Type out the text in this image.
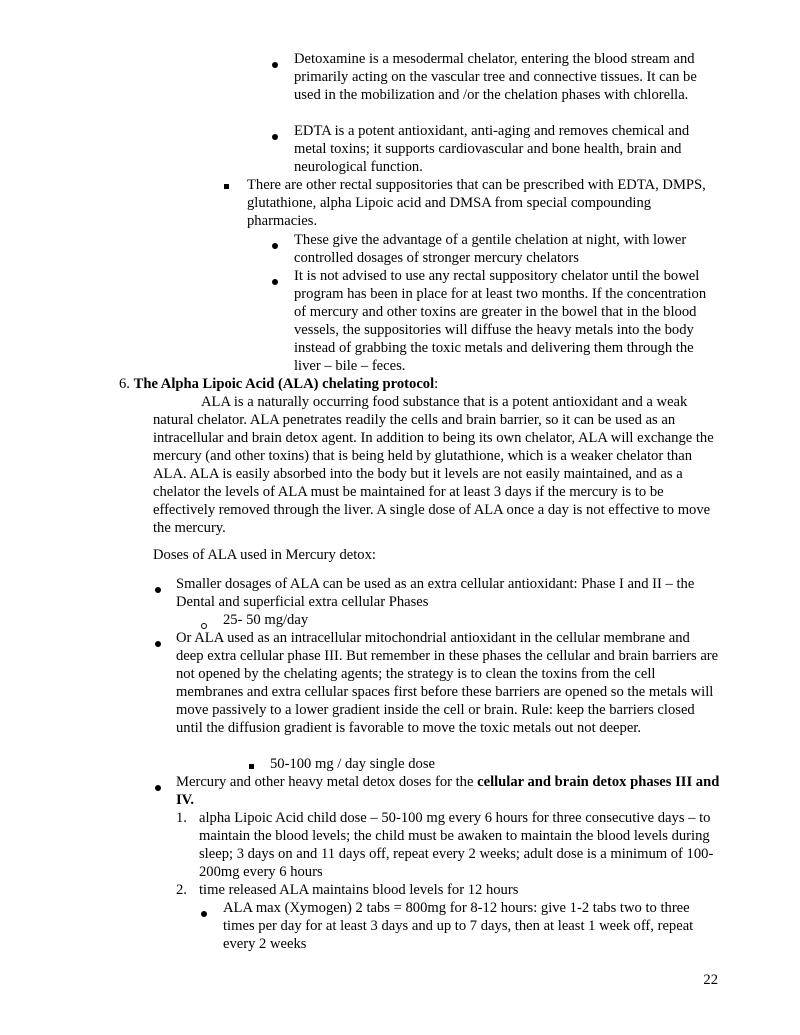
Detoxamine is a mesodermal chelator, entering the blood stream and primarily acting on the vascular tree and connective tissues. It can be used in the mobilization and /or the chelation phases with chlorella.
EDTA is a potent antioxidant, anti-aging and removes chemical and metal toxins; it supports cardiovascular and bone health, brain and neurological function.
There are other rectal suppositories that can be prescribed with EDTA, DMPS, glutathione, alpha Lipoic acid and DMSA from special compounding pharmacies.
These give the advantage of a gentile chelation at night, with lower controlled dosages of stronger mercury chelators
It is not advised to use any rectal suppository chelator until the bowel program has been in place for at least two months. If the concentration of mercury and other toxins are greater in the bowel that in the blood vessels, the suppositories will diffuse the heavy metals into the body instead of grabbing the toxic metals and delivering them through the liver – bile – feces.
6. The Alpha Lipoic Acid (ALA) chelating protocol:
ALA is a naturally occurring food substance that is a potent antioxidant and a weak natural chelator. ALA penetrates readily the cells and brain barrier, so it can be used as an intracellular and brain detox agent. In addition to being its own chelator, ALA will exchange the mercury (and other toxins) that is being held by glutathione, which is a weaker chelator than ALA. ALA is easily absorbed into the body but it levels are not easily maintained, and as a chelator the levels of ALA must be maintained for at least 3 days if the mercury is to be effectively removed through the liver. A single dose of ALA once a day is not effective to move the mercury.
Doses of ALA used in Mercury detox:
Smaller dosages of ALA can be used as an extra cellular antioxidant: Phase I and II – the Dental and superficial extra cellular Phases
25- 50 mg/day
Or ALA used as an intracellular mitochondrial antioxidant in the cellular membrane and deep extra cellular phase III. But remember in these phases the cellular and brain barriers are not opened by the chelating agents; the strategy is to clean the toxins from the cell membranes and extra cellular spaces first before these barriers are opened so the metals will move passively to a lower gradient inside the cell or brain. Rule: keep the barriers closed until the diffusion gradient is favorable to move the toxic metals out not deeper.
50-100 mg / day single dose
Mercury and other heavy metal detox doses for the cellular and brain detox phases III and IV.
1. alpha Lipoic Acid child dose – 50-100 mg every 6 hours for three consecutive days – to maintain the blood levels; the child must be awaken to maintain the blood levels during sleep; 3 days on and 11 days off, repeat every 2 weeks; adult dose is a minimum of 100-200mg every 6 hours
2. time released ALA maintains blood levels for 12 hours
ALA max (Xymogen) 2 tabs = 800mg for 8-12 hours: give 1-2 tabs two to three times per day for at least 3 days and up to 7 days, then at least 1 week off, repeat every 2 weeks
22
